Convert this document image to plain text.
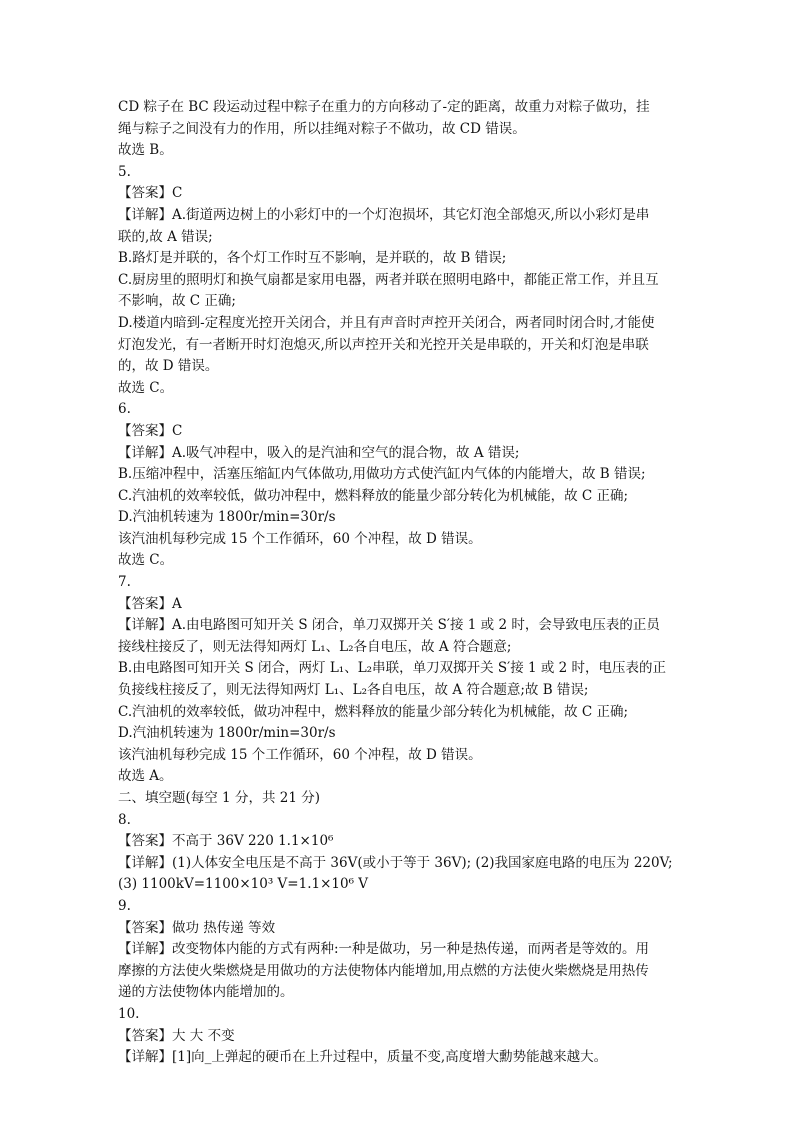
CD 粽子在 BC 段运动过程中粽子在重力的方向移动了-定的距离，故重力对粽子做功，挂
绳与粽子之间没有力的作用，所以挂绳对粽子不做功，故 CD 错误。
故选 B。
5.
【答案】C
【详解】A.街道两边树上的小彩灯中的一个灯泡损坏，其它灯泡全部熄灭,所以小彩灯是串
联的,故 A 错误;
B.路灯是并联的，各个灯工作时互不影响，是并联的，故 B 错误;
C.厨房里的照明灯和换气扇都是家用电器，两者并联在照明电路中，都能正常工作，并且互
不影响，故 C 正确;
D.楼道内暗到-定程度光控开关闭合，并且有声音时声控开关闭合，两者同时闭合时,才能使
灯泡发光，有一者断开时灯泡熄灭,所以声控开关和光控开关是串联的，开关和灯泡是串联
的，故 D 错误。
故选 C。
6.
【答案】C
【详解】A.吸气冲程中，吸入的是汽油和空气的混合物，故 A 错误;
B.压缩冲程中，活塞压缩缸内气体做功,用做功方式使汽缸内气体的内能增大，故 B 错误;
C.汽油机的效率较低，做功冲程中，燃料释放的能量少部分转化为机械能，故 C 正确;
D.汽油机转速为 1800r/min=30r/s
该汽油机每秒完成 15 个工作循环，60 个冲程，故 D 错误。
故选 C。
7.
【答案】A
【详解】A.由电路图可知开关 S 闭合，单刀双掷开关 S′接 1 或 2 时，会导致电压表的正员
接线柱接反了，则无法得知两灯 L₁、L₂各自电压，故 A 符合题意;
B.由电路图可知开关 S 闭合，两灯 L₁、L₂串联，单刀双掷开关 S′接 1 或 2 时，电压表的正
负接线柱接反了，则无法得知两灯 L₁、L₂各自电压，故 A 符合题意;故 B 错误;
C.汽油机的效率较低，做功冲程中，燃料释放的能量少部分转化为机械能，故 C 正确;
D.汽油机转速为 1800r/min=30r/s
该汽油机每秒完成 15 个工作循环，60 个冲程，故 D 错误。
故选 A。
二、填空题(每空 1 分，共 21 分)
8.
【答案】不高于 36V 220 1.1×10⁶
【详解】(1)人体安全电压是不高于 36V(或小于等于 36V); (2)我国家庭电路的电压为 220V;
(3) 1100kV=1100×10³ V=1.1×10⁶ V
9.
【答案】做功 热传递 等效
【详解】改变物体内能的方式有两种:一种是做功，另一种是热传递，而两者是等效的。用
摩擦的方法使火柴燃烧是用做功的方法使物体内能增加,用点燃的方法使火柴燃烧是用热传
递的方法使物体内能增加的。
10.
【答案】大 大 不变
【详解】[1]向_上弹起的硬币在上升过程中，质量不变,高度增大勳势能越来越大。
